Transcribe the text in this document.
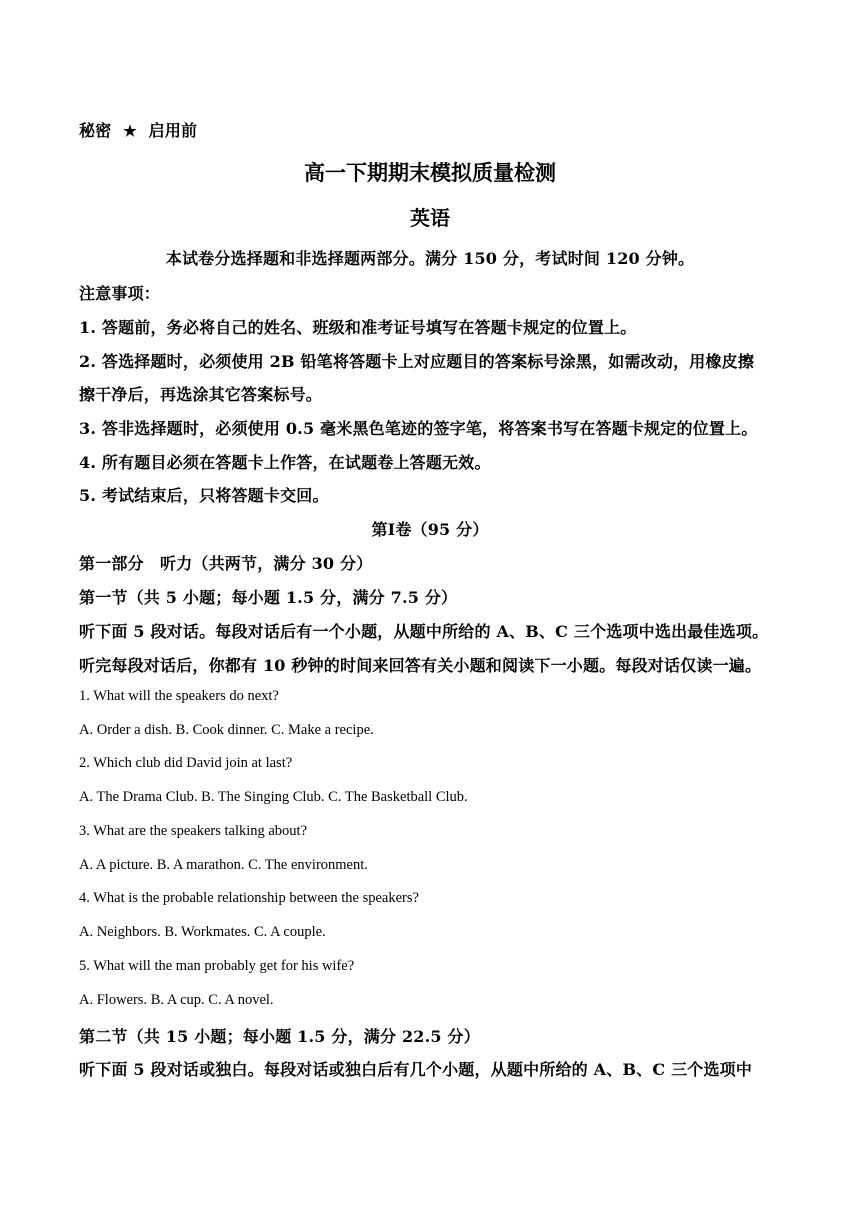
秘密 ★ 启用前
高一下期期末模拟质量检测
英语
本试卷分选择题和非选择题两部分。满分 150 分，考试时间 120 分钟。
注意事项：
1. 答题前，务必将自己的姓名、班级和准考证号填写在答题卡规定的位置上。
2. 答选择题时，必须使用 2B 铅笔将答题卡上对应题目的答案标号涂黑，如需改动，用橡皮擦
擦干净后，再选涂其它答案标号。
3. 答非选择题时，必须使用 0.5 毫米黑色笔迹的签字笔，将答案书写在答题卡规定的位置上。
4. 所有题目必须在答题卡上作答，在试题卷上答题无效。
5. 考试结束后，只将答题卡交回。
第Ⅰ卷（95 分）
第一部分　听力（共两节，满分 30 分）
第一节（共 5 小题；每小题 1.5 分，满分 7.5 分）
听下面 5 段对话。每段对话后有一个小题，从题中所给的 A、B、C 三个选项中选出最佳选项。
听完每段对话后，你都有 10 秒钟的时间来回答有关小题和阅读下一小题。每段对话仅读一遍。
1. What will the speakers do next?
A. Order a dish. B. Cook dinner. C. Make a recipe.
2. Which club did David join at last?
A. The Drama Club. B. The Singing Club. C. The Basketball Club.
3. What are the speakers talking about?
A. A picture. B. A marathon. C. The environment.
4. What is the probable relationship between the speakers?
A. Neighbors. B. Workmates. C. A couple.
5. What will the man probably get for his wife?
A. Flowers. B. A cup. C. A novel.
第二节（共 15 小题；每小题 1.5 分，满分 22.5 分）
听下面 5 段对话或独白。每段对话或独白后有几个小题，从题中所给的 A、B、C 三个选项中
